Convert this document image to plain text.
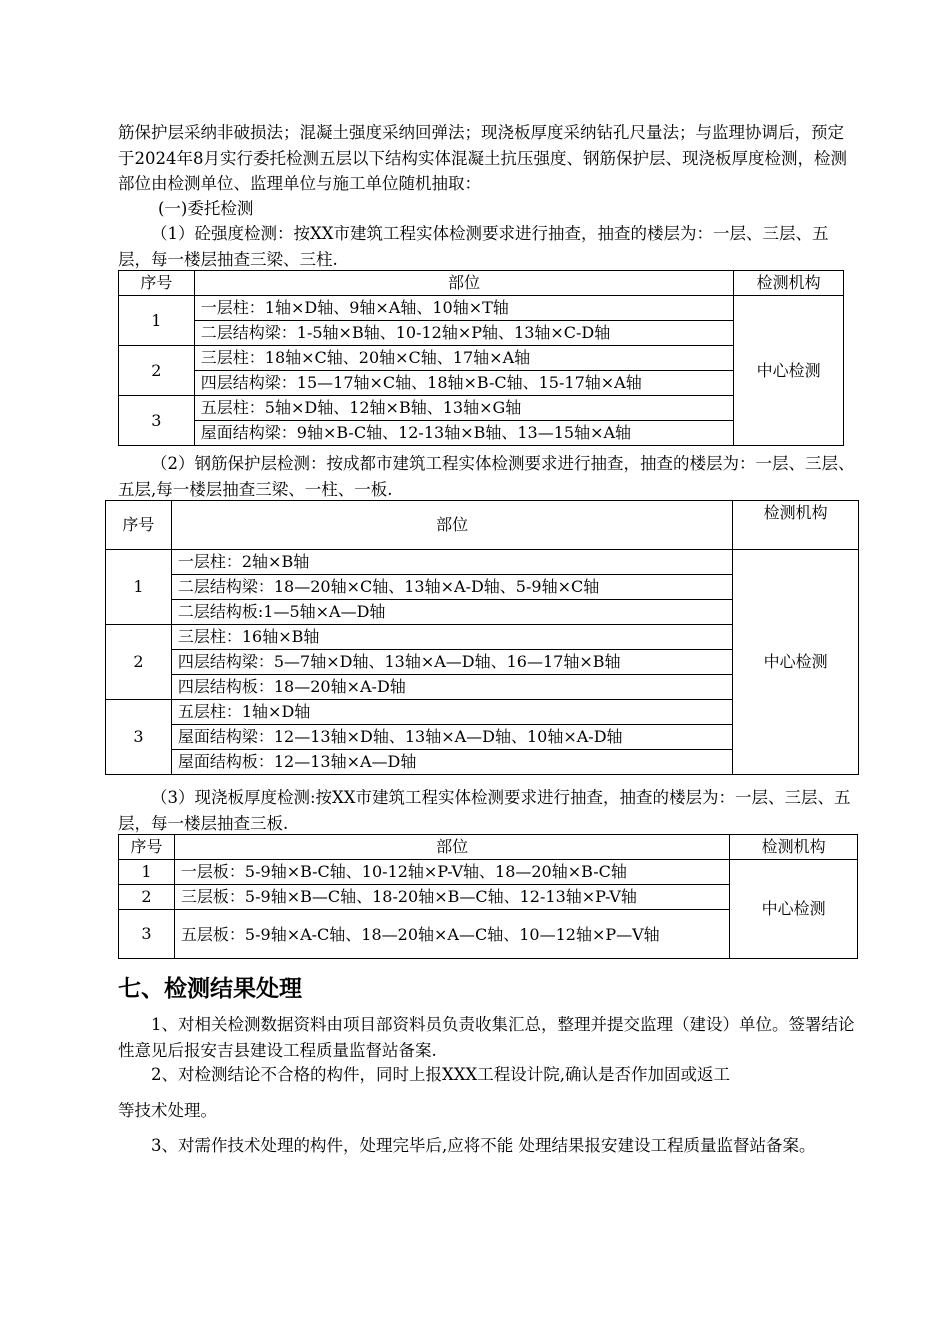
筋保护层采纳非破损法；混凝土强度采纳回弹法；现浇板厚度采纳钻孔尺量法；与监理协调后，预定于2024年8月实行委托检测五层以下结构实体混凝土抗压强度、钢筋保护层、现浇板厚度检测，检测部位由检测单位、监理单位与施工单位随机抽取：

(一)委托检测

（1）砼强度检测：按XX市建筑工程实体检测要求进行抽查，抽查的楼层为：一层、三层、五层，每一楼层抽查三梁、三柱.

序号	部位	检测机构
1	一层柱：1轴×D轴、9轴×A轴、10轴×T轴	中心检测
	二层结构梁：1-5轴×B轴、10-12轴×P轴、13轴×C-D轴	
2	三层柱：18轴×C轴、20轴×C轴、17轴×A轴	
	四层结构梁：15—17轴×C轴、18轴×B-C轴、15-17轴×A轴	
3	五层柱：5轴×D轴、12轴×B轴、13轴×G轴	
	屋面结构梁：9轴×B-C轴、12-13轴×B轴、13—15轴×A轴	

（2）钢筋保护层检测：按成都市建筑工程实体检测要求进行抽查，抽查的楼层为：一层、三层、五层,每一楼层抽查三梁、一柱、一板.

序号	部位	检测机构
1	一层柱：2轴×B轴	中心检测
	二层结构梁：18—20轴×C轴、13轴×A-D轴、5-9轴×C轴	
	二层结构板:1—5轴×A—D轴	
2	三层柱：16轴×B轴	
	四层结构梁：5—7轴×D轴、13轴×A—D轴、16—17轴×B轴	
	四层结构板：18—20轴×A-D轴	
3	五层柱：1轴×D轴	
	屋面结构梁：12—13轴×D轴、13轴×A—D轴、10轴×A-D轴	
	屋面结构板：12—13轴×A—D轴	

（3）现浇板厚度检测:按XX市建筑工程实体检测要求进行抽查，抽查的楼层为：一层、三层、五层，每一楼层抽查三板.

序号	部位	检测机构
1	一层板：5-9轴×B-C轴、10-12轴×P-V轴、18—20轴×B-C轴	中心检测
2	三层板：5-9轴×B—C轴、18-20轴×B—C轴、12-13轴×P-V轴	
3	五层板：5-9轴×A-C轴、18—20轴×A—C轴、10—12轴×P—V轴	
七、检测结果处理

1、对相关检测数据资料由项目部资料员负责收集汇总，整理并提交监理（建设）单位。签署结论性意见后报安吉县建设工程质量监督站备案.

2、对检测结论不合格的构件，同时上报XXX工程设计院,确认是否作加固或返工

等技术处理。

3、对需作技术处理的构件，处理完毕后,应将不能 处理结果报安建设工程质量监督站备案。
